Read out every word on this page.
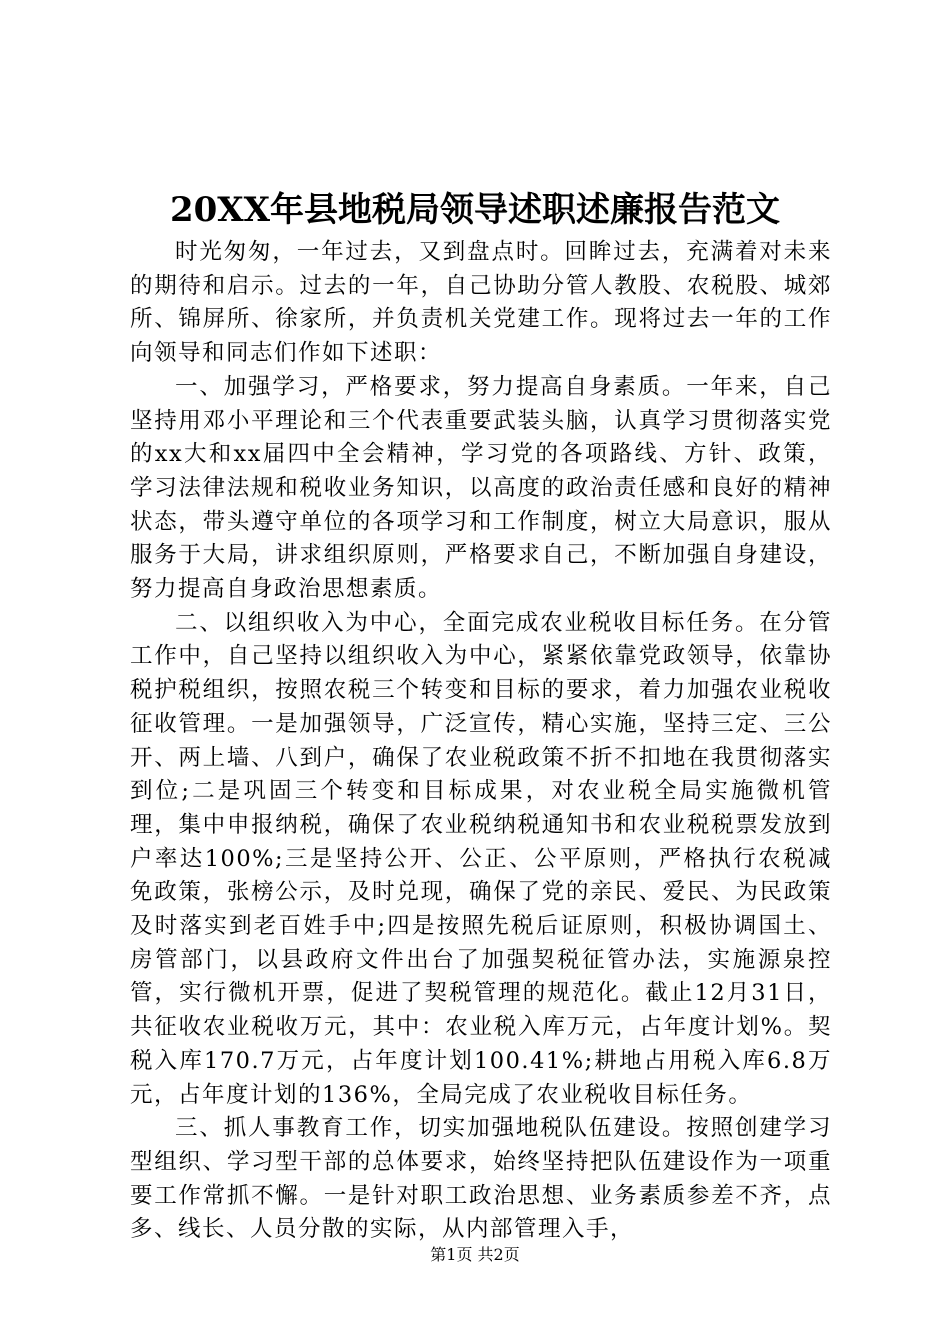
20XX年县地税局领导述职述廉报告范文

时光匆匆，一年过去，又到盘点时。回眸过去，充满着对未来的期待和启示。过去的一年，自己协助分管人教股、农税股、城郊所、锦屏所、徐家所，并负责机关党建工作。现将过去一年的工作向领导和同志们作如下述职：

一、加强学习，严格要求，努力提高自身素质。一年来，自己坚持用邓小平理论和三个代表重要武装头脑，认真学习贯彻落实党的xx大和xx届四中全会精神，学习党的各项路线、方针、政策，学习法律法规和税收业务知识，以高度的政治责任感和良好的精神状态，带头遵守单位的各项学习和工作制度，树立大局意识，服从服务于大局，讲求组织原则，严格要求自己，不断加强自身建设，努力提高自身政治思想素质。

二、以组织收入为中心，全面完成农业税收目标任务。在分管工作中，自己坚持以组织收入为中心，紧紧依靠党政领导，依靠协税护税组织，按照农税三个转变和目标的要求，着力加强农业税收征收管理。一是加强领导，广泛宣传，精心实施，坚持三定、三公开、两上墙、八到户，确保了农业税政策不折不扣地在我贯彻落实到位;二是巩固三个转变和目标成果，对农业税全局实施微机管理，集中申报纳税，确保了农业税纳税通知书和农业税税票发放到户率达100%;三是坚持公开、公正、公平原则，严格执行农税减免政策，张榜公示，及时兑现，确保了党的亲民、爱民、为民政策及时落实到老百姓手中;四是按照先税后证原则，积极协调国土、房管部门，以县政府文件出台了加强契税征管办法，实施源泉控管，实行微机开票，促进了契税管理的规范化。截止12月31日，共征收农业税收万元，其中：农业税入库万元，占年度计划%。契税入库170.7万元，占年度计划100.41%;耕地占用税入库6.8万元，占年度计划的136%，全局完成了农业税收目标任务。

三、抓人事教育工作，切实加强地税队伍建设。按照创建学习型组织、学习型干部的总体要求，始终坚持把队伍建设作为一项重要工作常抓不懈。一是针对职工政治思想、业务素质参差不齐，点多、线长、人员分散的实际，从内部管理入手，

第1页 共2页
